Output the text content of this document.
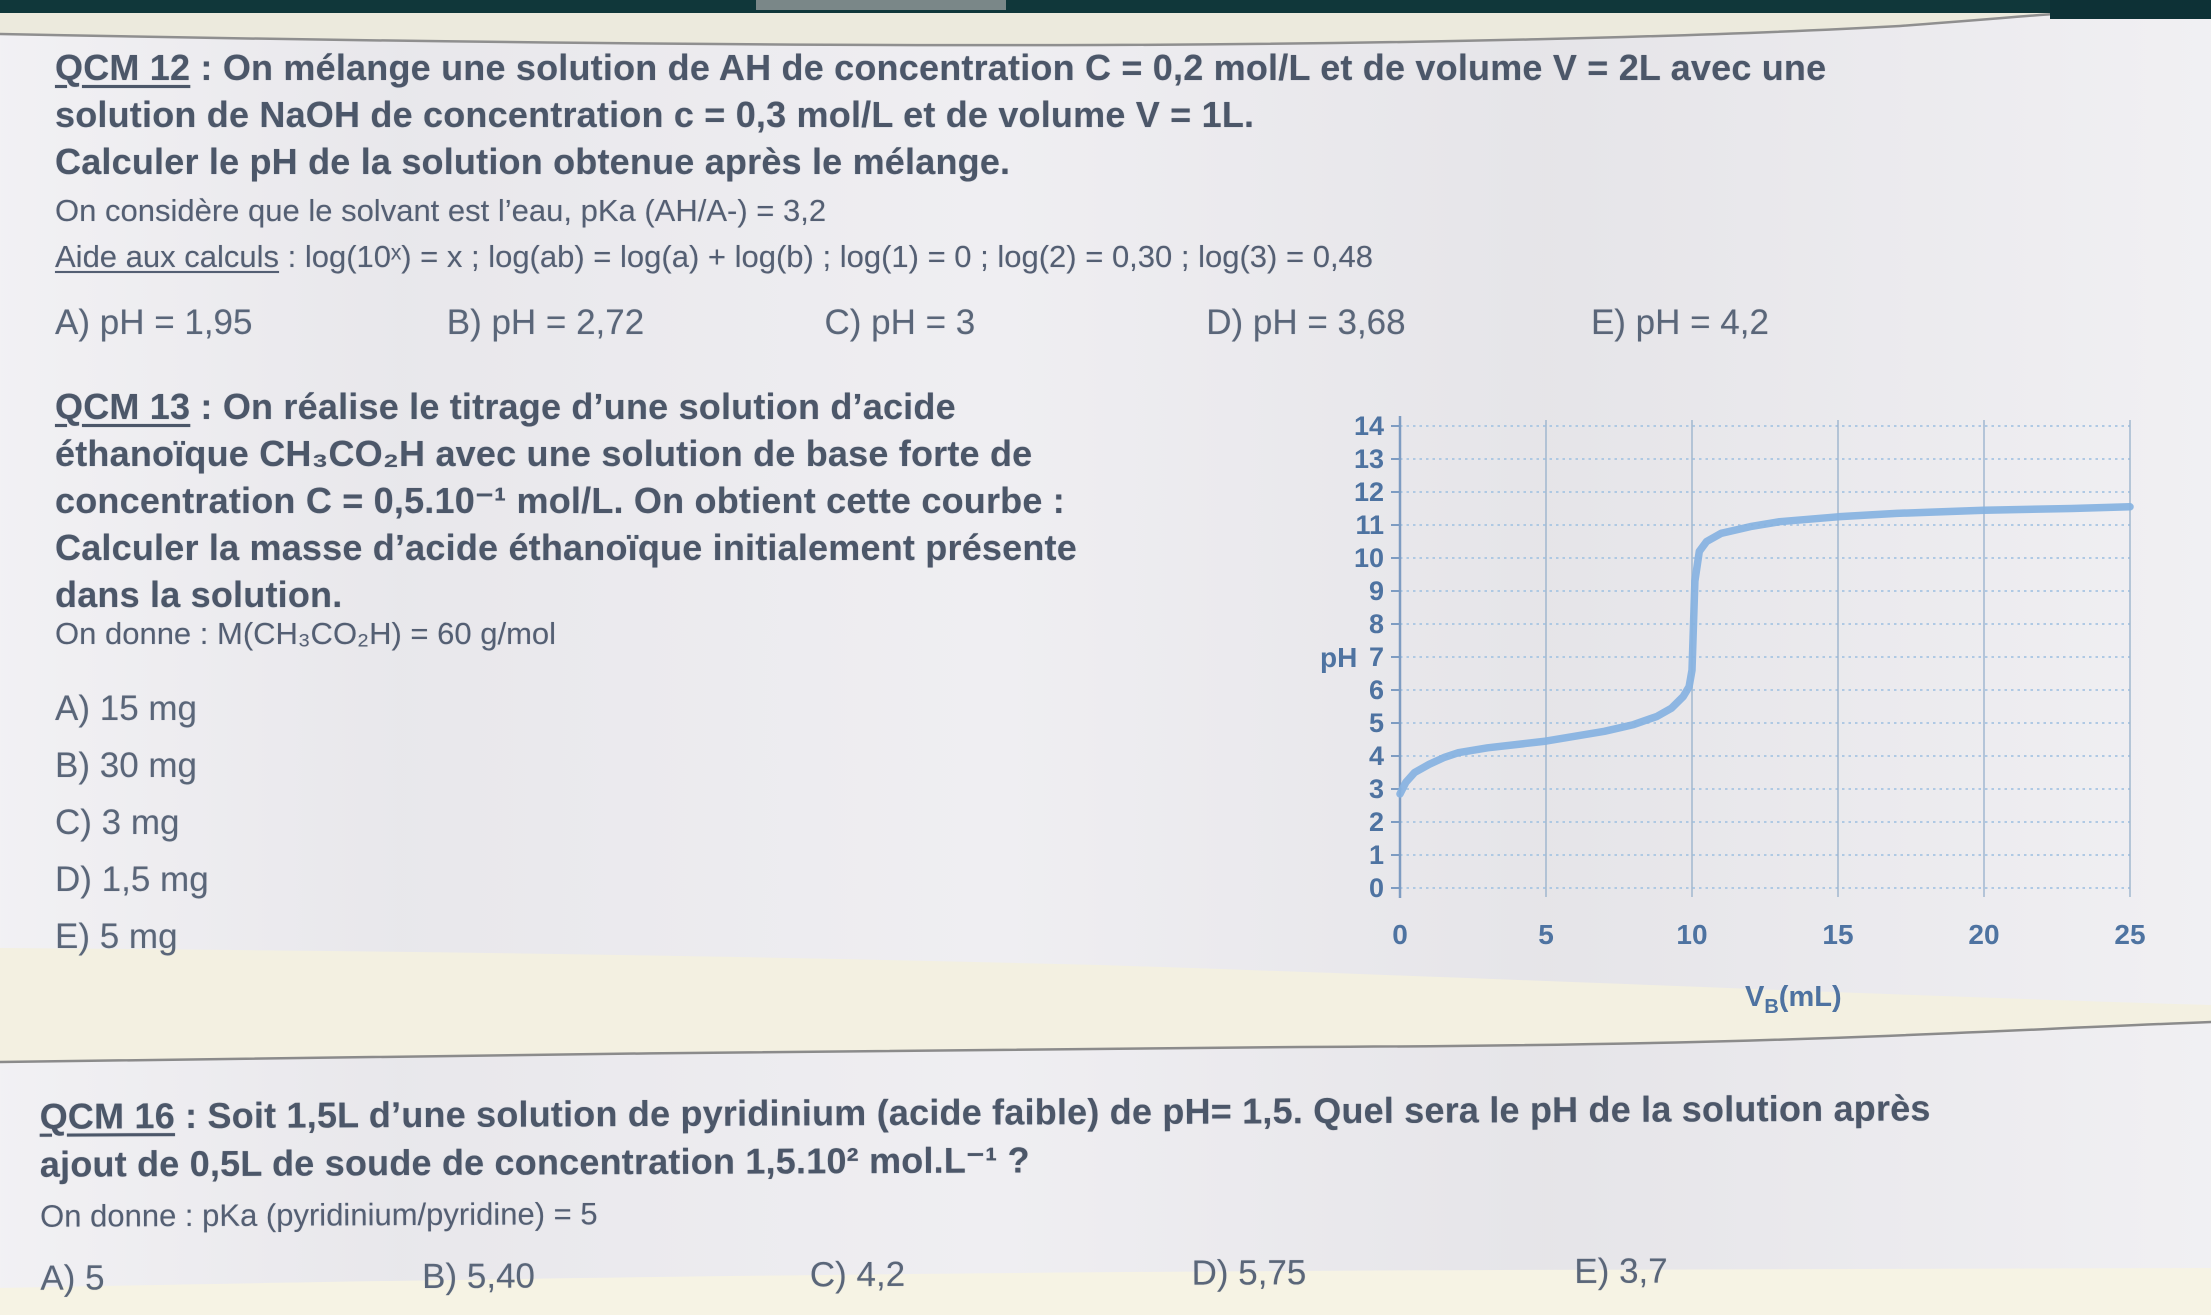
QCM 12 : On mélange une solution de AH de concentration C = 0,2 mol/L et de volume V = 2L avec une
solution de NaOH de concentration c = 0,3 mol/L et de volume V = 1L.
Calculer le pH de la solution obtenue après le mélange.
On considère que le solvant est l’eau, pKa (AH/A-) = 3,2
Aide aux calculs : log(10ˣ) = x ; log(ab) = log(a) + log(b) ; log(1) = 0 ; log(2) = 0,30 ; log(3) = 0,48
A) pH = 1,95	B) pH = 2,72	C) pH = 3	D) pH = 3,68	E) pH = 4,2
QCM 13 : On réalise le titrage d’une solution d’acide
éthanoïque CH₃CO₂H avec une solution de base forte de
concentration C = 0,5.10⁻¹ mol/L. On obtient cette courbe :
Calculer la masse d’acide éthanoïque initialement présente
dans la solution.
On donne : M(CH₃CO₂H) = 60 g/mol
A) 15 mg
B) 30 mg
C) 3 mg
D) 1,5 mg
E) 5 mg
0
1
2
3
4
5
6
7
8
9
10
11
12
13
14
0	5	10	15	20	25
pH
$V_B(mL)$
QCM 16 : Soit 1,5L d’une solution de pyridinium (acide faible) de pH= 1,5. Quel sera le pH de la solution après
ajout de 0,5L de soude de concentration 1,5.10² mol.L⁻¹ ?
On donne : pKa (pyridinium/pyridine) = 5
A) 5	B) 5,40	C) 4,2	D) 5,75	E) 3,7
